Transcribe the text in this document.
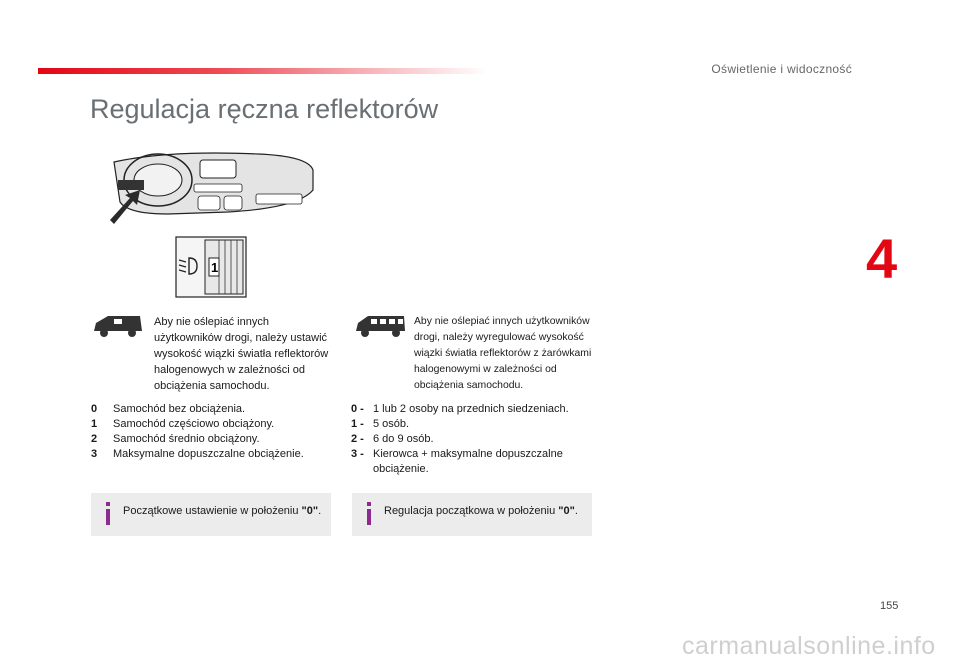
Oświetlenie i widoczność
Regulacja ręczna reflektorów
4
1
Aby nie oślepiać innych użytkowników drogi, należy ustawić wysokość wiązki światła reflektorów halogenowych w zależności od obciążenia samochodu.
0 Samochód bez obciążenia.
1 Samochód częściowo obciążony.
2 Samochód średnio obciążony.
3 Maksymalne dopuszczalne obciążenie.
Początkowe ustawienie w położeniu "0".
Aby nie oślepiać innych użytkowników drogi, należy wyregulować wysokość wiązki światła reflektorów z żarówkami halogenowymi w zależności od obciążenia samochodu.
0 - 1 lub 2 osoby na przednich siedzeniach.
1 - 5 osób.
2 - 6 do 9 osób.
3 - Kierowca + maksymalne dopuszczalne obciążenie.
Regulacja początkowa w położeniu "0".
155
carmanualsonline.info
